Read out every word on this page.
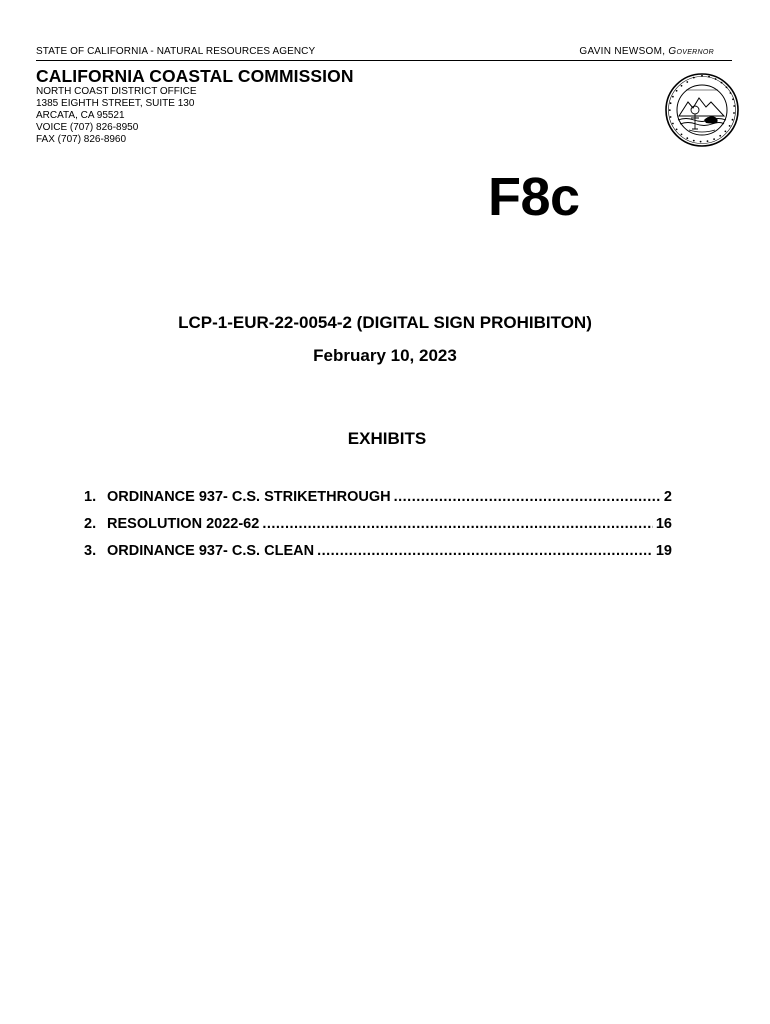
STATE OF CALIFORNIA - NATURAL RESOURCES AGENCY	GAVIN NEWSOM, Governor
CALIFORNIA COASTAL COMMISSION
NORTH COAST DISTRICT OFFICE
1385 EIGHTH STREET, SUITE 130
ARCATA, CA 95521
VOICE (707) 826-8950
FAX (707) 826-8960
F8c
LCP-1-EUR-22-0054-2 (DIGITAL SIGN PROHIBITON)
February 10, 2023
EXHIBITS
1. ORDINANCE 937- C.S. STRIKETHROUGH .....	2
2. RESOLUTION 2022-62 .....	16
3. ORDINANCE 937- C.S. CLEAN .....	19
